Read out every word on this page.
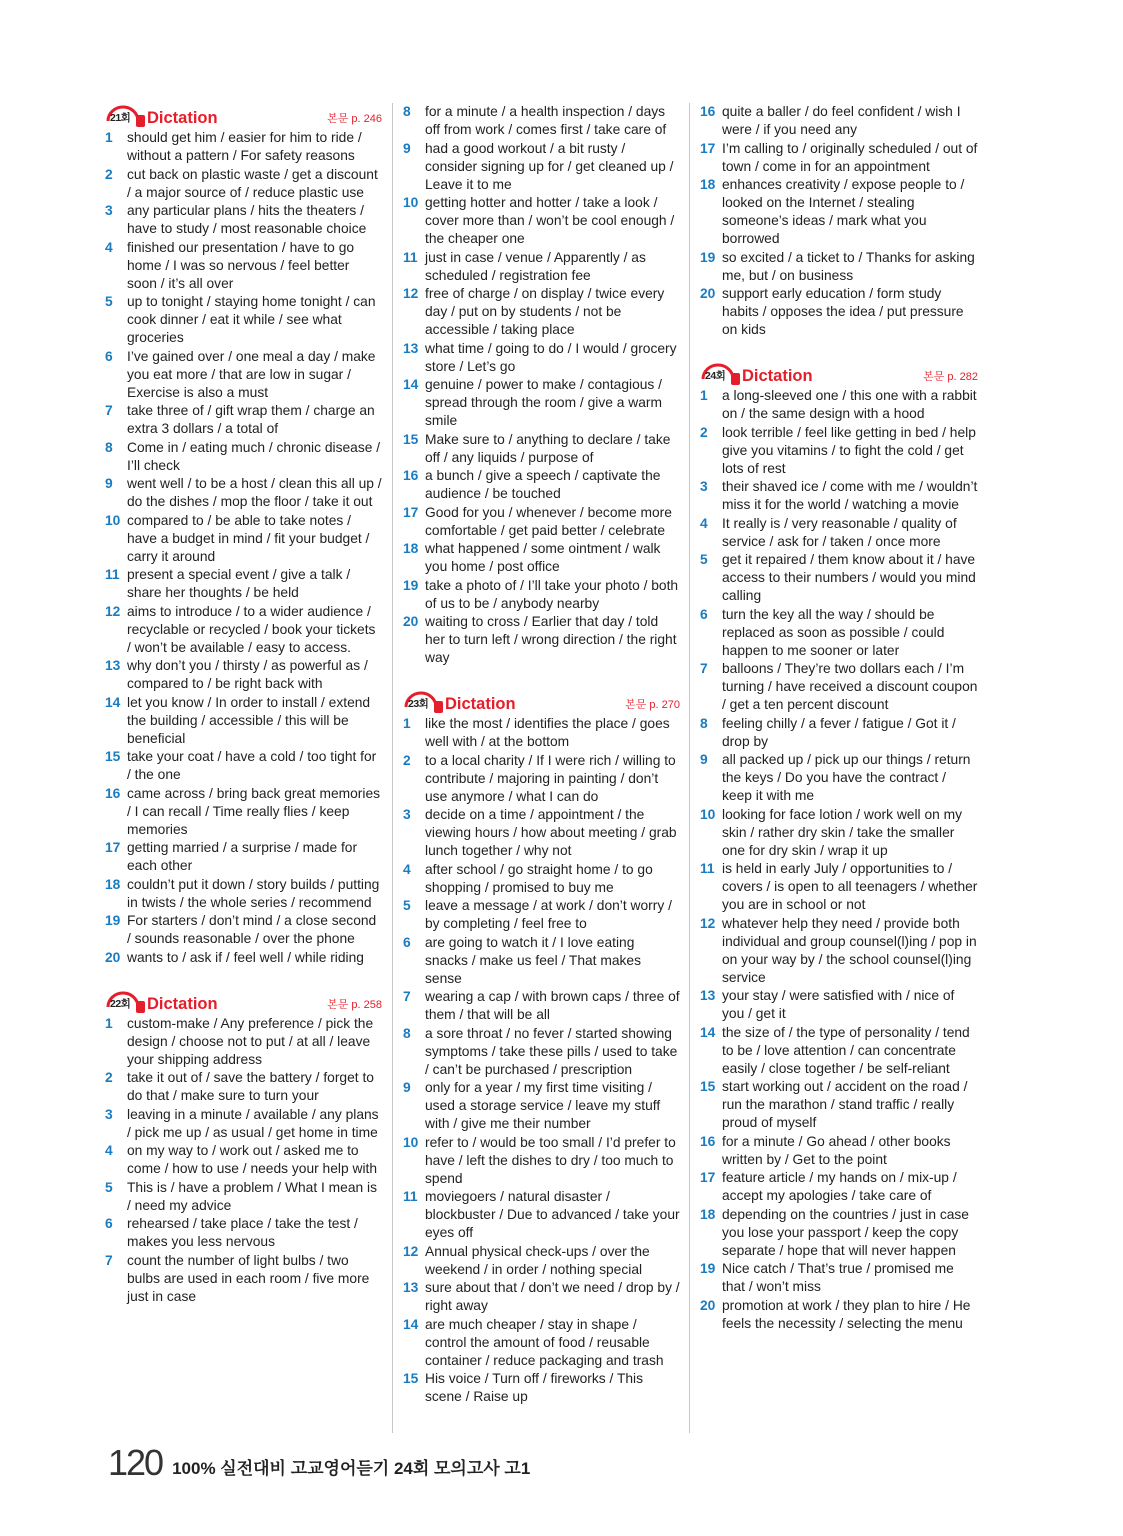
21회 Dictation	본문 p. 246
1	should get him / easier for him to ride / without a pattern / For safety reasons
2	cut back on plastic waste / get a discount / a major source of / reduce plastic use
3	any particular plans / hits the theaters / have to study / most reasonable choice
4	finished our presentation / have to go home / I was so nervous / feel better soon / it’s all over
5	up to tonight / staying home tonight / can cook dinner / eat it while / see what groceries
6	I’ve gained over / one meal a day / make you eat more / that are low in sugar / Exercise is also a must
7	take three of / gift wrap them / charge an extra 3 dollars / a total of
8	Come in / eating much / chronic disease / I’ll check
9	went well / to be a host / clean this all up / do the dishes / mop the floor / take it out
10 compared to / be able to take notes / have a budget in mind / fit your budget / carry it around
11 present a special event / give a talk / share her thoughts / be held
12 aims to introduce / to a wider audience / recyclable or recycled / book your tickets / won’t be available / easy to access.
13 why don’t you / thirsty / as powerful as / compared to / be right back with
14 let you know / In order to install / extend the building / accessible / this will be beneficial
15 take your coat / have a cold / too tight for / the one
16 came across / bring back great memories / I can recall / Time really flies / keep memories
17 getting married / a surprise / made for each other
18 couldn’t put it down / story builds / putting in twists / the whole series / recommend
19 For starters / don’t mind / a close second / sounds reasonable / over the phone
20 wants to / ask if / feel well / while riding
22회 Dictation	본문 p. 258
1	custom-make / Any preference / pick the design / choose not to put / at all / leave your shipping address
2	take it out of / save the battery / forget to do that / make sure to turn your
3	leaving in a minute / available / any plans / pick me up / as usual / get home in time
4	on my way to / work out / asked me to come / how to use / needs your help with
5	This is / have a problem / What I mean is / need my advice
6	rehearsed / take place / take the test / makes you less nervous
7	count the number of light bulbs / two bulbs are used in each room / five more just in case
8	for a minute / a health inspection / days off from work / comes first / take care of
9	had a good workout / a bit rusty / consider signing up for / get cleaned up / Leave it to me
10 getting hotter and hotter / take a look / cover more than / won’t be cool enough / the cheaper one
11 just in case / venue / Apparently / as scheduled / registration fee
12 free of charge / on display / twice every day / put on by students / not be accessible / taking place
13 what time / going to do / I would / grocery store / Let’s go
14 genuine / power to make / contagious / spread through the room / give a warm smile
15 Make sure to / anything to declare / take off / any liquids / purpose of
16 a bunch / give a speech / captivate the audience / be touched
17 Good for you / whenever / become more comfortable / get paid better / celebrate
18 what happened / some ointment / walk you home / post office
19 take a photo of / I’ll take your photo / both of us to be / anybody nearby
20 waiting to cross / Earlier that day / told her to turn left / wrong direction / the right way
23회 Dictation	본문 p. 270
1	like the most / identifies the place / goes well with / at the bottom
2	to a local charity / If I were rich / willing to contribute / majoring in painting / don’t use anymore / what I can do
3	decide on a time / appointment / the viewing hours / how about meeting / grab lunch together / why not
4	after school / go straight home / to go shopping / promised to buy me
5	leave a message / at work / don’t worry / by completing / feel free to
6	are going to watch it / I love eating snacks / make us feel / That makes sense
7	wearing a cap / with brown caps / three of them / that will be all
8	a sore throat / no fever / started showing symptoms / take these pills / used to take / can’t be purchased / prescription
9	only for a year / my first time visiting / used a storage service / leave my stuff with / give me their number
10 refer to / would be too small / I’d prefer to have / left the dishes to dry / too much to spend
11 moviegoers / natural disaster / blockbuster / Due to advanced / take your eyes off
12 Annual physical check-ups / over the weekend / in order / nothing special
13 sure about that / don’t we need / drop by / right away
14 are much cheaper / stay in shape / control the amount of food / reusable container / reduce packaging and trash
15 His voice / Turn off / fireworks / This scene / Raise up
16 quite a baller / do feel confident / wish I were / if you need any
17 I’m calling to / originally scheduled / out of town / come in for an appointment
18 enhances creativity / expose people to / looked on the Internet / stealing someone’s ideas / mark what you borrowed
19 so excited / a ticket to / Thanks for asking me, but / on business
20 support early education / form study habits / opposes the idea / put pressure on kids
24회 Dictation	본문 p. 282
1	a long-sleeved one / this one with a rabbit on / the same design with a hood
2	look terrible / feel like getting in bed / help give you vitamins / to fight the cold / get lots of rest
3	their shaved ice / come with me / wouldn’t miss it for the world / watching a movie
4	It really is / very reasonable / quality of service / ask for / taken / once more
5	get it repaired / them know about it / have access to their numbers / would you mind calling
6	turn the key all the way / should be replaced as soon as possible / could happen to me sooner or later
7	balloons / They’re two dollars each / I’m turning / have received a discount coupon / get a ten percent discount
8	feeling chilly / a fever / fatigue / Got it / drop by
9	all packed up / pick up our things / return the keys / Do you have the contract / keep it with me
10 looking for face lotion / work well on my skin / rather dry skin / take the smaller one for dry skin / wrap it up
11 is held in early July / opportunities to / covers / is open to all teenagers / whether you are in school or not
12 whatever help they need / provide both individual and group counsel(l)ing / pop in on your way by / the school counsel(l)ing service
13 your stay / were satisfied with / nice of you / get it
14 the size of / the type of personality / tend to be / love attention / can concentrate easily / close together / be self-reliant
15 start working out / accident on the road / run the marathon / stand traffic / really proud of myself
16 for a minute / Go ahead / other books written by / Get to the point
17 feature article / my hands on / mix-up / accept my apologies / take care of
18 depending on the countries / just in case you lose your passport / keep the copy separate / hope that will never happen
19 Nice catch / That’s true / promised me that / won’t miss
20 promotion at work / they plan to hire / He feels the necessity / selecting the menu
120 100% 실전대비 고교영어듣기 24회 모의고사 고1
